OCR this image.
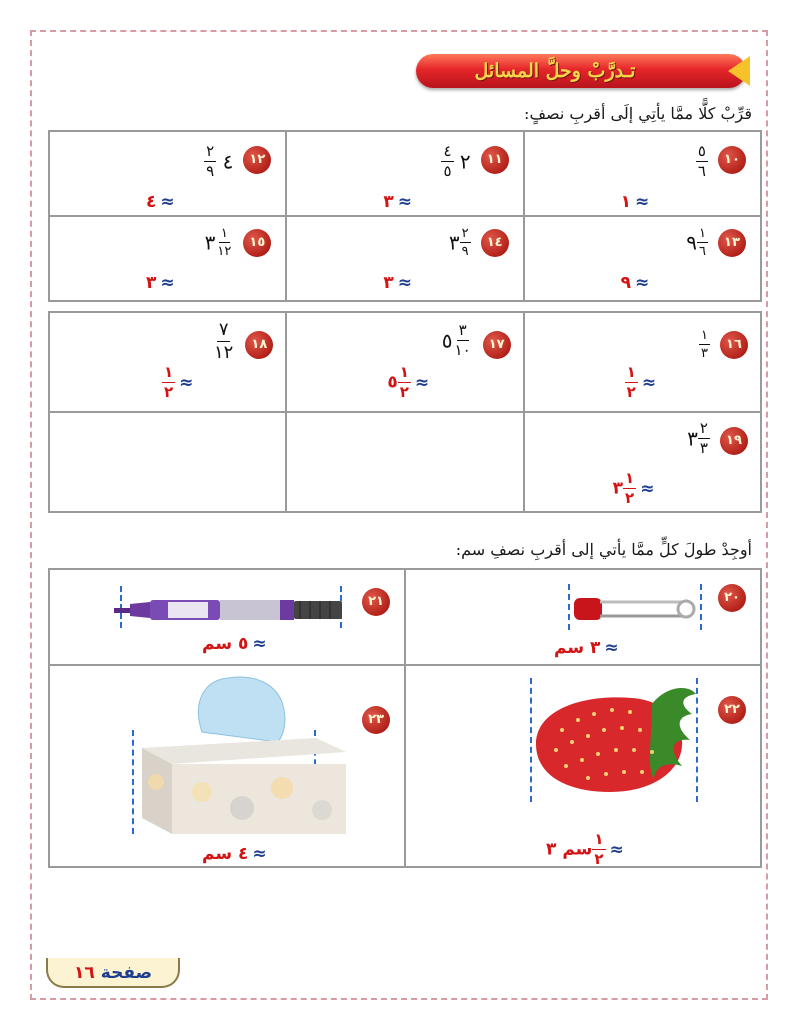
تـدرَّبْ وحلَّ المسائل
قرِّبْ كلًّا ممَّا يأتِي إلَى أقربِ نصفٍ:
١٢
$\frac{٢}{٩}$ ٤
٤ ≈
١١
$\frac{٤}{٥}$ ٢
٣ ≈
١٠
$\frac{٥}{٦}$
١ ≈
١٥
٣ $\frac{١}{١٢}$
٣ ≈
١٤
٣ $\frac{٢}{٩}$
٣ ≈
١٣
٩ $\frac{١}{٦}$
٩ ≈
١٨
$\frac{٧}{١٢}$
$\frac{١}{٢}$ ≈
١٧
٥ $\frac{٣}{١٠}$
٥ $\frac{١}{٢}$ ≈
١٦
$\frac{١}{٣}$
$\frac{١}{٢}$ ≈
١٩
٣ $\frac{٢}{٣}$
٣ $\frac{١}{٢}$ ≈
أوجِدْ طولَ كلٍّ ممَّا يأتي إلى أقربِ نصفِ سم:
٢١
٥ سم ≈
٢٠
٣ سم ≈
٢٣
٤ سم ≈
٢٢
سم ٣ $\frac{١}{٢}$ ≈
صفحة١٦
